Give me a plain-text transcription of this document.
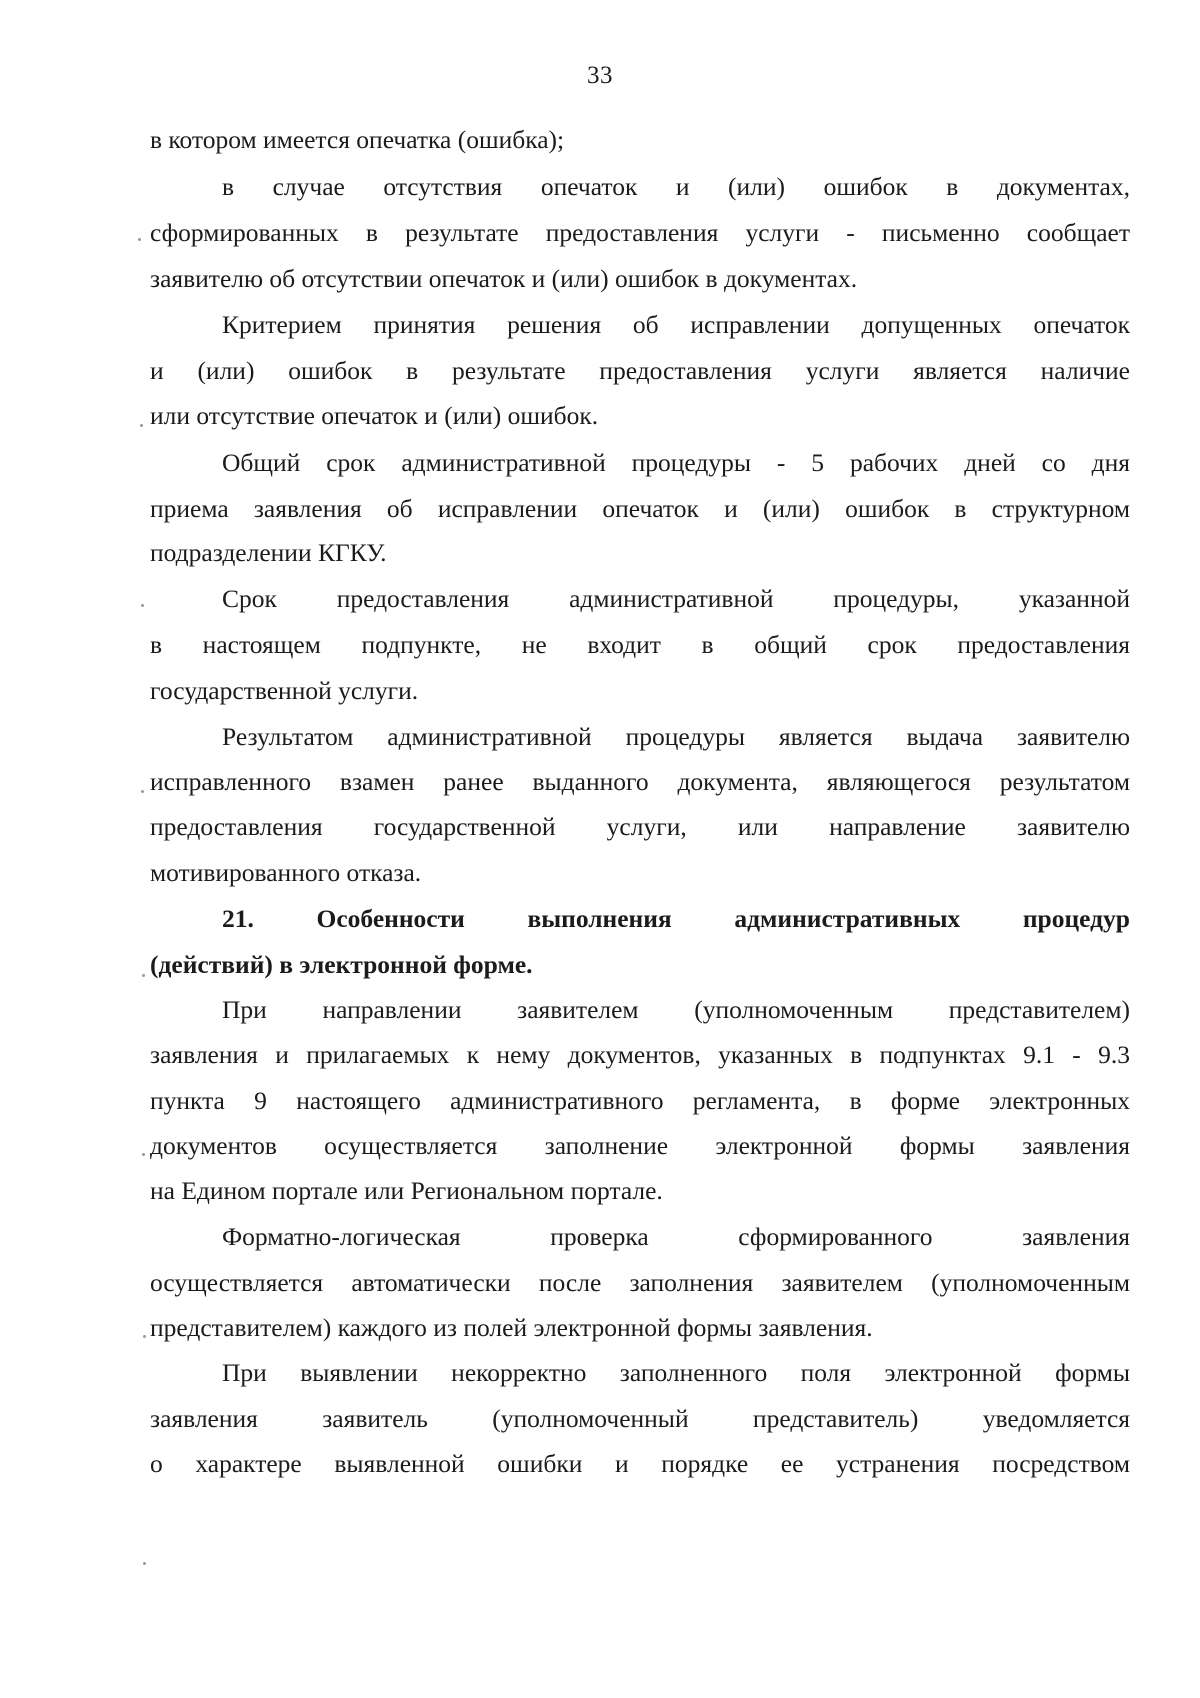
33
в котором имеется опечатка (ошибка);
в случае отсутствия опечаток и (или) ошибок в документах,
сформированных в результате предоставления услуги - письменно сообщает
заявителю об отсутствии опечаток и (или) ошибок в документах.
Критерием принятия решения об исправлении допущенных опечаток
и (или) ошибок в результате предоставления услуги является наличие
или отсутствие опечаток и (или) ошибок.
Общий срок административной процедуры - 5 рабочих дней со дня
приема заявления об исправлении опечаток и (или) ошибок в структурном
подразделении КГКУ.
Срок предоставления административной процедуры, указанной
в настоящем подпункте, не входит в общий срок предоставления
государственной услуги.
Результатом административной процедуры является выдача заявителю
исправленного взамен ранее выданного документа, являющегося результатом
предоставления государственной услуги, или направление заявителю
мотивированного отказа.
21. Особенности выполнения административных процедур
(действий) в электронной форме.
При направлении заявителем (уполномоченным представителем)
заявления и прилагаемых к нему документов, указанных в подпунктах 9.1 - 9.3
пункта 9 настоящего административного регламента, в форме электронных
документов осуществляется заполнение электронной формы заявления
на Едином портале или Региональном портале.
Форматно-логическая проверка сформированного заявления
осуществляется автоматически после заполнения заявителем (уполномоченным
представителем) каждого из полей электронной формы заявления.
При выявлении некорректно заполненного поля электронной формы
заявления заявитель (уполномоченный представитель) уведомляется
о характере выявленной ошибки и порядке ее устранения посредством
